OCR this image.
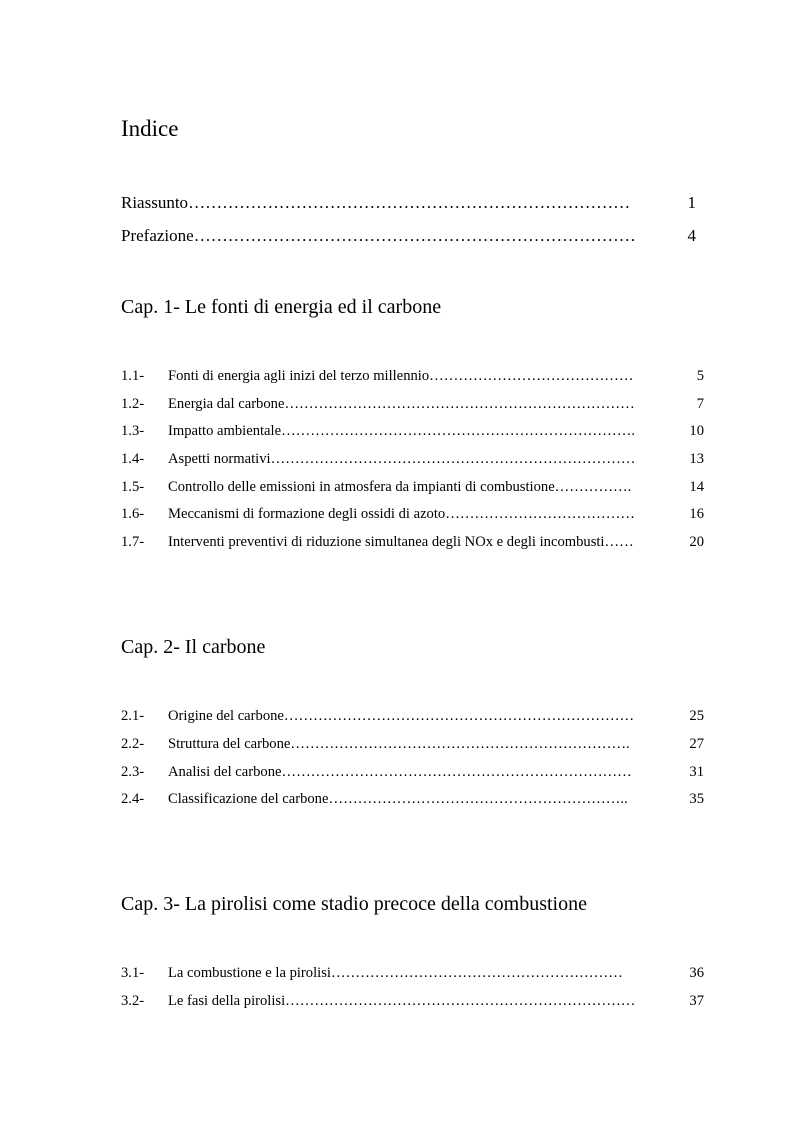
Indice
Riassunto……………………………………………………………………	1
Prefazione……………………………………………………………………	4
Cap. 1- Le fonti di energia ed il carbone
1.1- Fonti di energia agli inizi del terzo millennio……………………………………	5
1.2- Energia dal carbone………………………………………………………………	7
1.3- Impatto ambientale……………………………………………………………….	10
1.4- Aspetti normativi…………………………………………………………………	13
1.5- Controllo delle emissioni in atmosfera da impianti di combustione…………….	14
1.6- Meccanismi di formazione degli ossidi di azoto…………………………………	16
1.7- Interventi preventivi di riduzione simultanea degli NOx e degli incombusti……	20
Cap. 2- Il carbone
2.1- Origine del carbone………………………………………………………………	25
2.2- Struttura del carbone…………………………………………………………….	27
2.3- Analisi del carbone………………………………………………………………	31
2.4- Classificazione del carbone……………………………………………………..	35
Cap. 3- La pirolisi come stadio precoce della combustione
3.1- La combustione e la pirolisi……………………………………………………	36
3.2- Le fasi della pirolisi………………………………………………………………	37
